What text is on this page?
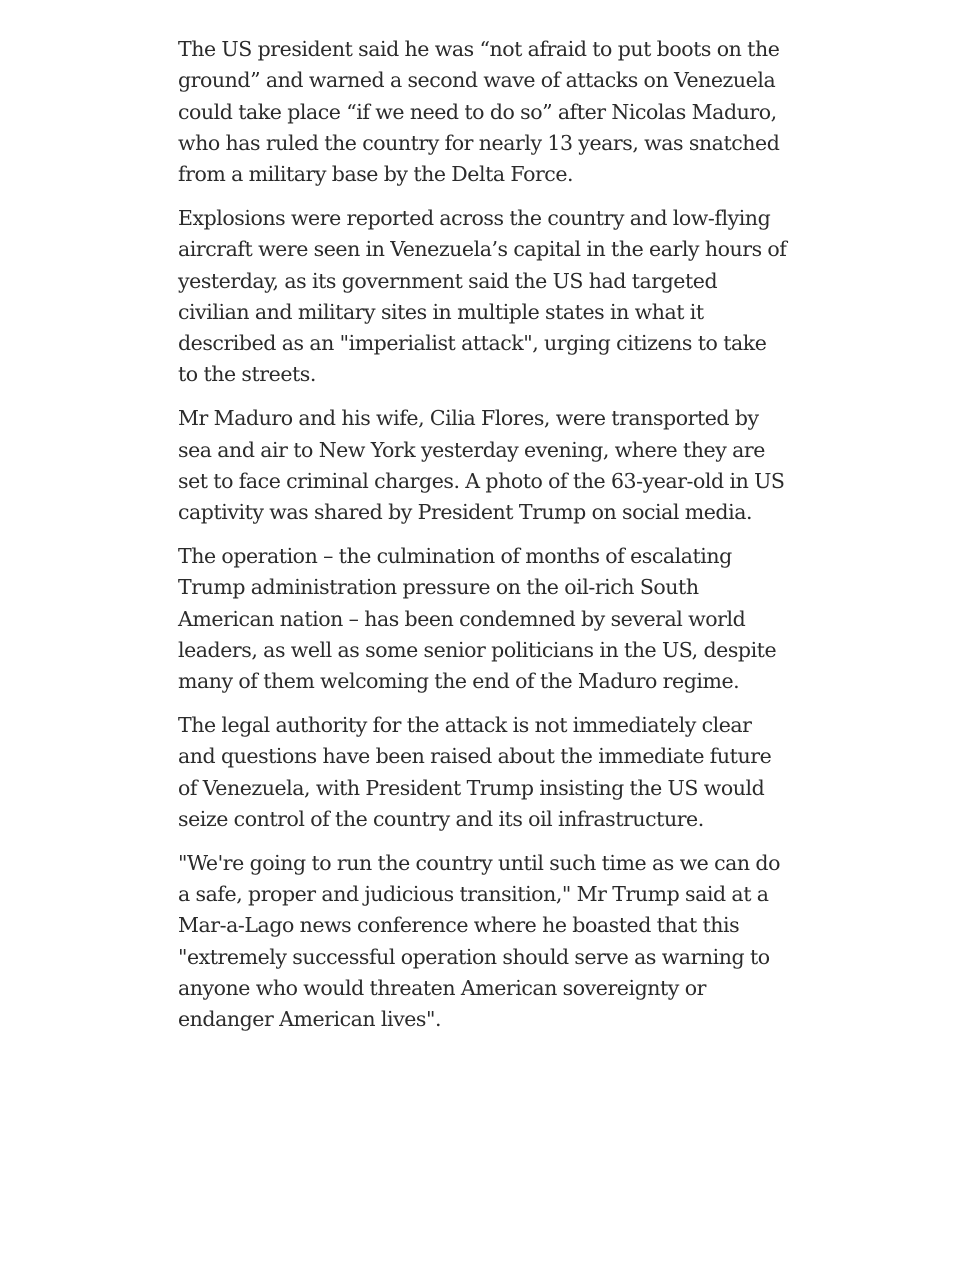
The US president said he was “not afraid to put boots on the ground” and warned a second wave of attacks on Venezuela could take place “if we need to do so” after Nicolas Maduro, who has ruled the country for nearly 13 years, was snatched from a military base by the Delta Force.

Explosions were reported across the country and low-flying aircraft were seen in Venezuela’s capital in the early hours of yesterday, as its government said the US had targeted civilian and military sites in multiple states in what it described as an "imperialist attack", urging citizens to take to the streets.

Mr Maduro and his wife, Cilia Flores, were transported by sea and air to New York yesterday evening, where they are set to face criminal charges. A photo of the 63-year-old in US captivity was shared by President Trump on social media.

The operation – the culmination of months of escalating Trump administration pressure on the oil-rich South American nation – has been condemned by several world leaders, as well as some senior politicians in the US, despite many of them welcoming the end of the Maduro regime.

The legal authority for the attack is not immediately clear and questions have been raised about the immediate future of Venezuela, with President Trump insisting the US would seize control of the country and its oil infrastructure.

"We're going to run the country until such time as we can do a safe, proper and judicious transition," Mr Trump said at a Mar-a-Lago news conference where he boasted that this "extremely successful operation should serve as warning to anyone who would threaten American sovereignty or endanger American lives".
